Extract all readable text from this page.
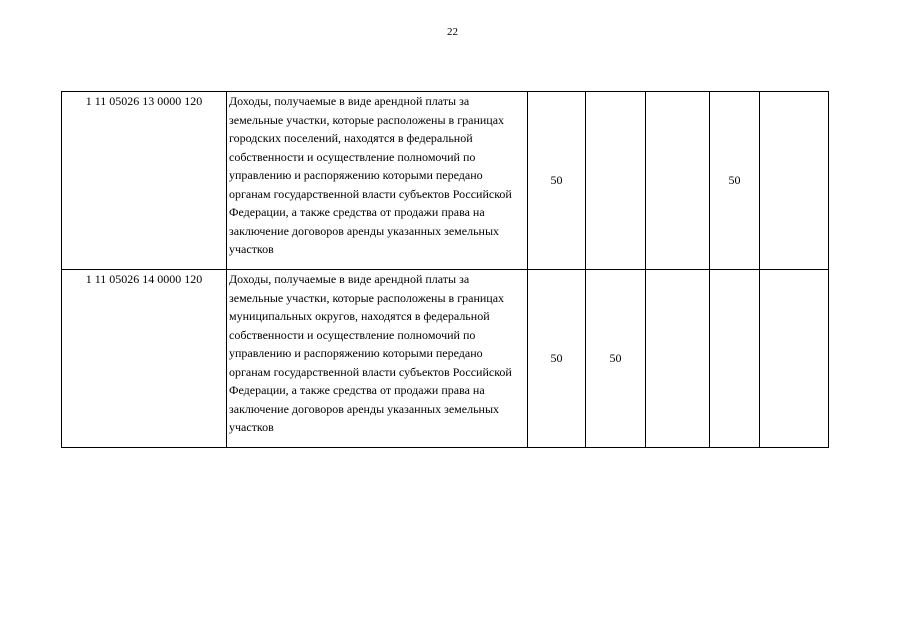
22
1 11 05026 13 0000 120	Доходы, получаемые в виде арендной платы за земельные участки, которые расположены в границах городских поселений, находятся в федеральной собственности и осуществление полномочий по управлению и распоряжению которыми передано органам государственной власти субъектов Российской Федерации, а также средства от продажи права на заключение договоров аренды указанных земельных участков	50			50	
1 11 05026 14 0000 120	Доходы, получаемые в виде арендной платы за земельные участки, которые расположены в границах муниципальных округов, находятся в федеральной собственности и осуществление полномочий по управлению и распоряжению которыми передано органам государственной власти субъектов Российской Федерации, а также средства от продажи права на заключение договоров аренды указанных земельных участков	50	50			
